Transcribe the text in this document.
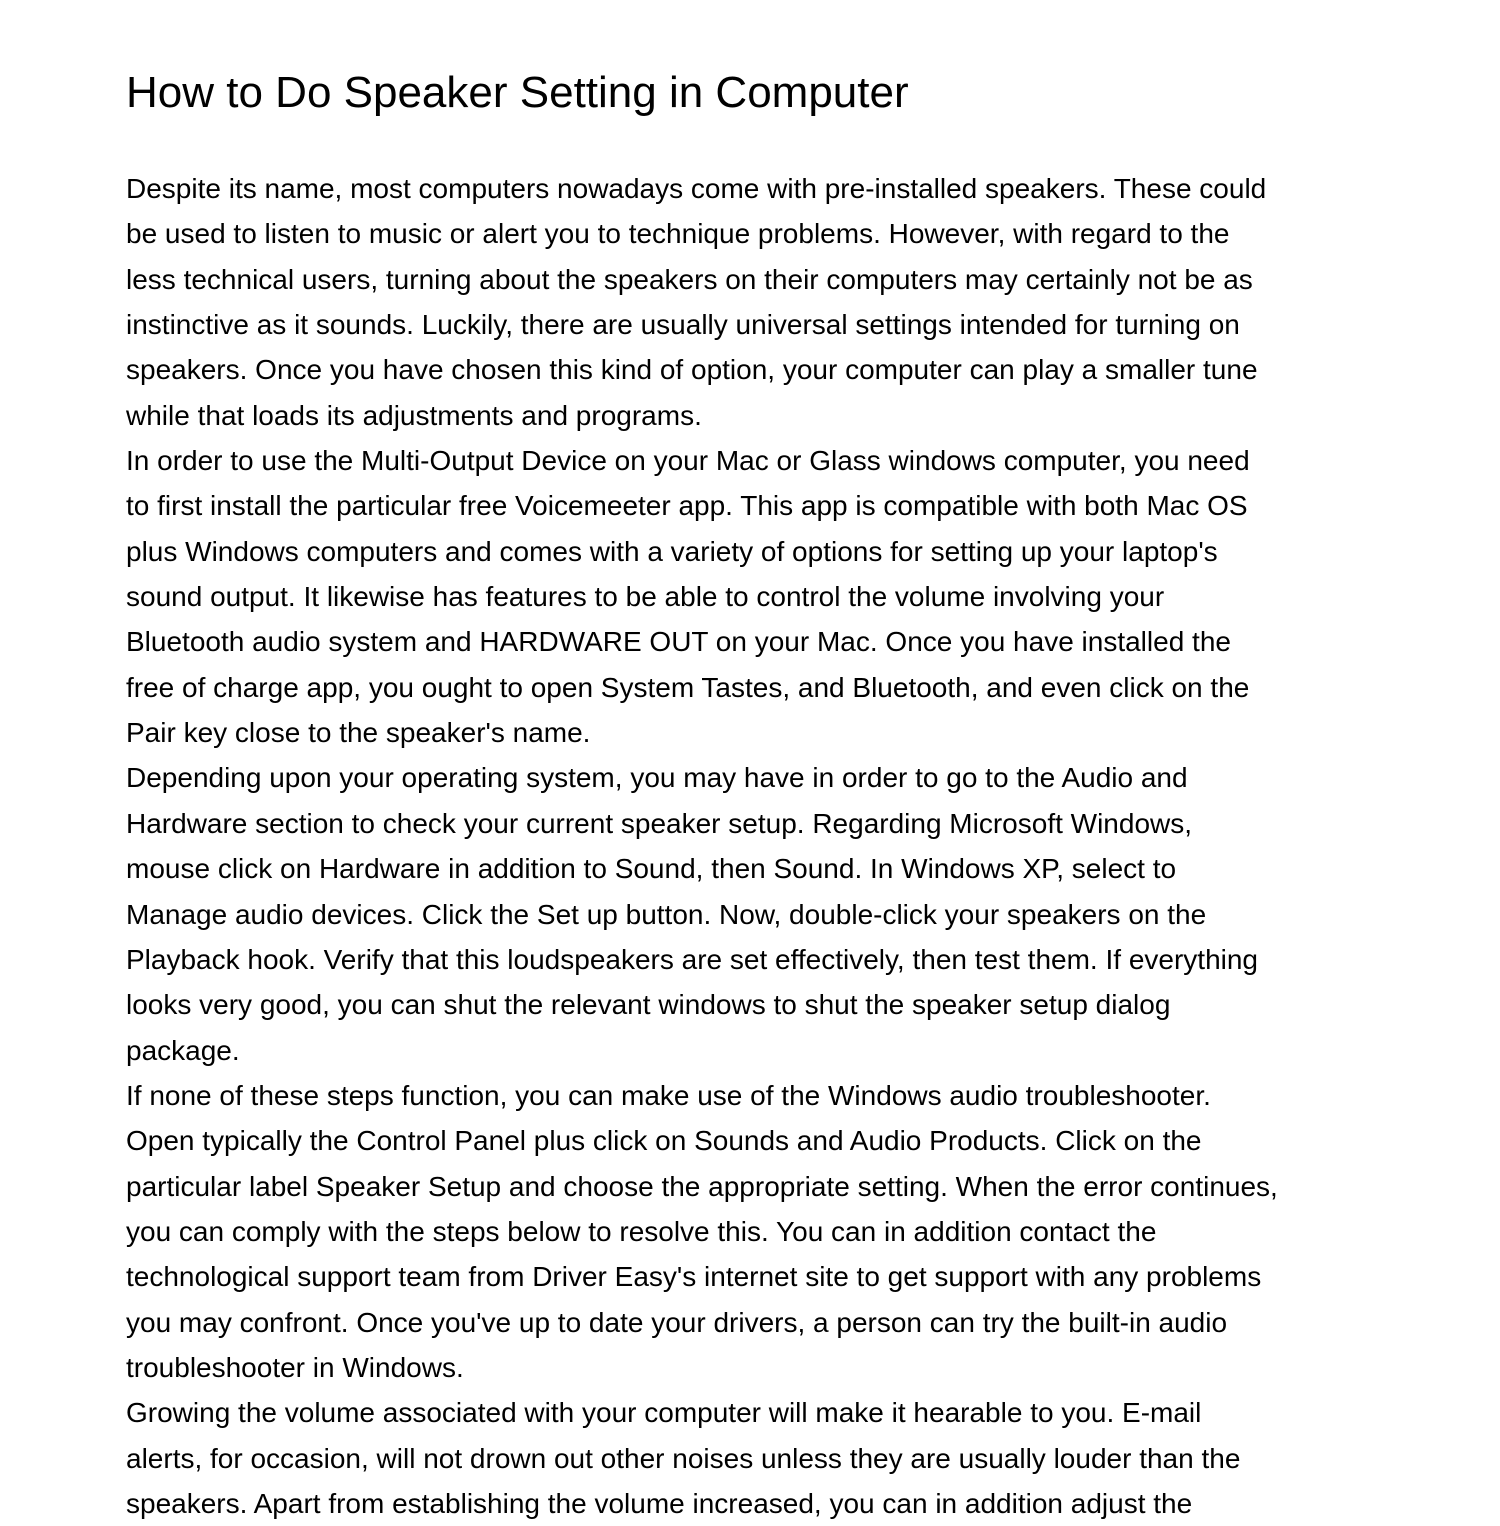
How to Do Speaker Setting in Computer

Despite its name, most computers nowadays come with pre-installed speakers. These could
be used to listen to music or alert you to technique problems. However, with regard to the
less technical users, turning about the speakers on their computers may certainly not be as
instinctive as it sounds. Luckily, there are usually universal settings intended for turning on
speakers. Once you have chosen this kind of option, your computer can play a smaller tune
while that loads its adjustments and programs.

In order to use the Multi-Output Device on your Mac or Glass windows computer, you need
to first install the particular free Voicemeeter app. This app is compatible with both Mac OS
plus Windows computers and comes with a variety of options for setting up your laptop's
sound output. It likewise has features to be able to control the volume involving your
Bluetooth audio system and HARDWARE OUT on your Mac. Once you have installed the
free of charge app, you ought to open System Tastes, and Bluetooth, and even click on the
Pair key close to the speaker's name.

Depending upon your operating system, you may have in order to go to the Audio and
Hardware section to check your current speaker setup. Regarding Microsoft Windows,
mouse click on Hardware in addition to Sound, then Sound. In Windows XP, select to
Manage audio devices. Click the Set up button. Now, double-click your speakers on the
Playback hook. Verify that this loudspeakers are set effectively, then test them. If everything
looks very good, you can shut the relevant windows to shut the speaker setup dialog
package.

If none of these steps function, you can make use of the Windows audio troubleshooter.
Open typically the Control Panel plus click on Sounds and Audio Products. Click on the
particular label Speaker Setup and choose the appropriate setting. When the error continues,
you can comply with the steps below to resolve this. You can in addition contact the
technological support team from Driver Easy's internet site to get support with any problems
you may confront. Once you've up to date your drivers, a person can try the built-in audio
troubleshooter in Windows.

Growing the volume associated with your computer will make it hearable to you. E-mail
alerts, for occasion, will not drown out other noises unless they are usually louder than the
speakers. Apart from establishing the volume increased, you can in addition adjust the
